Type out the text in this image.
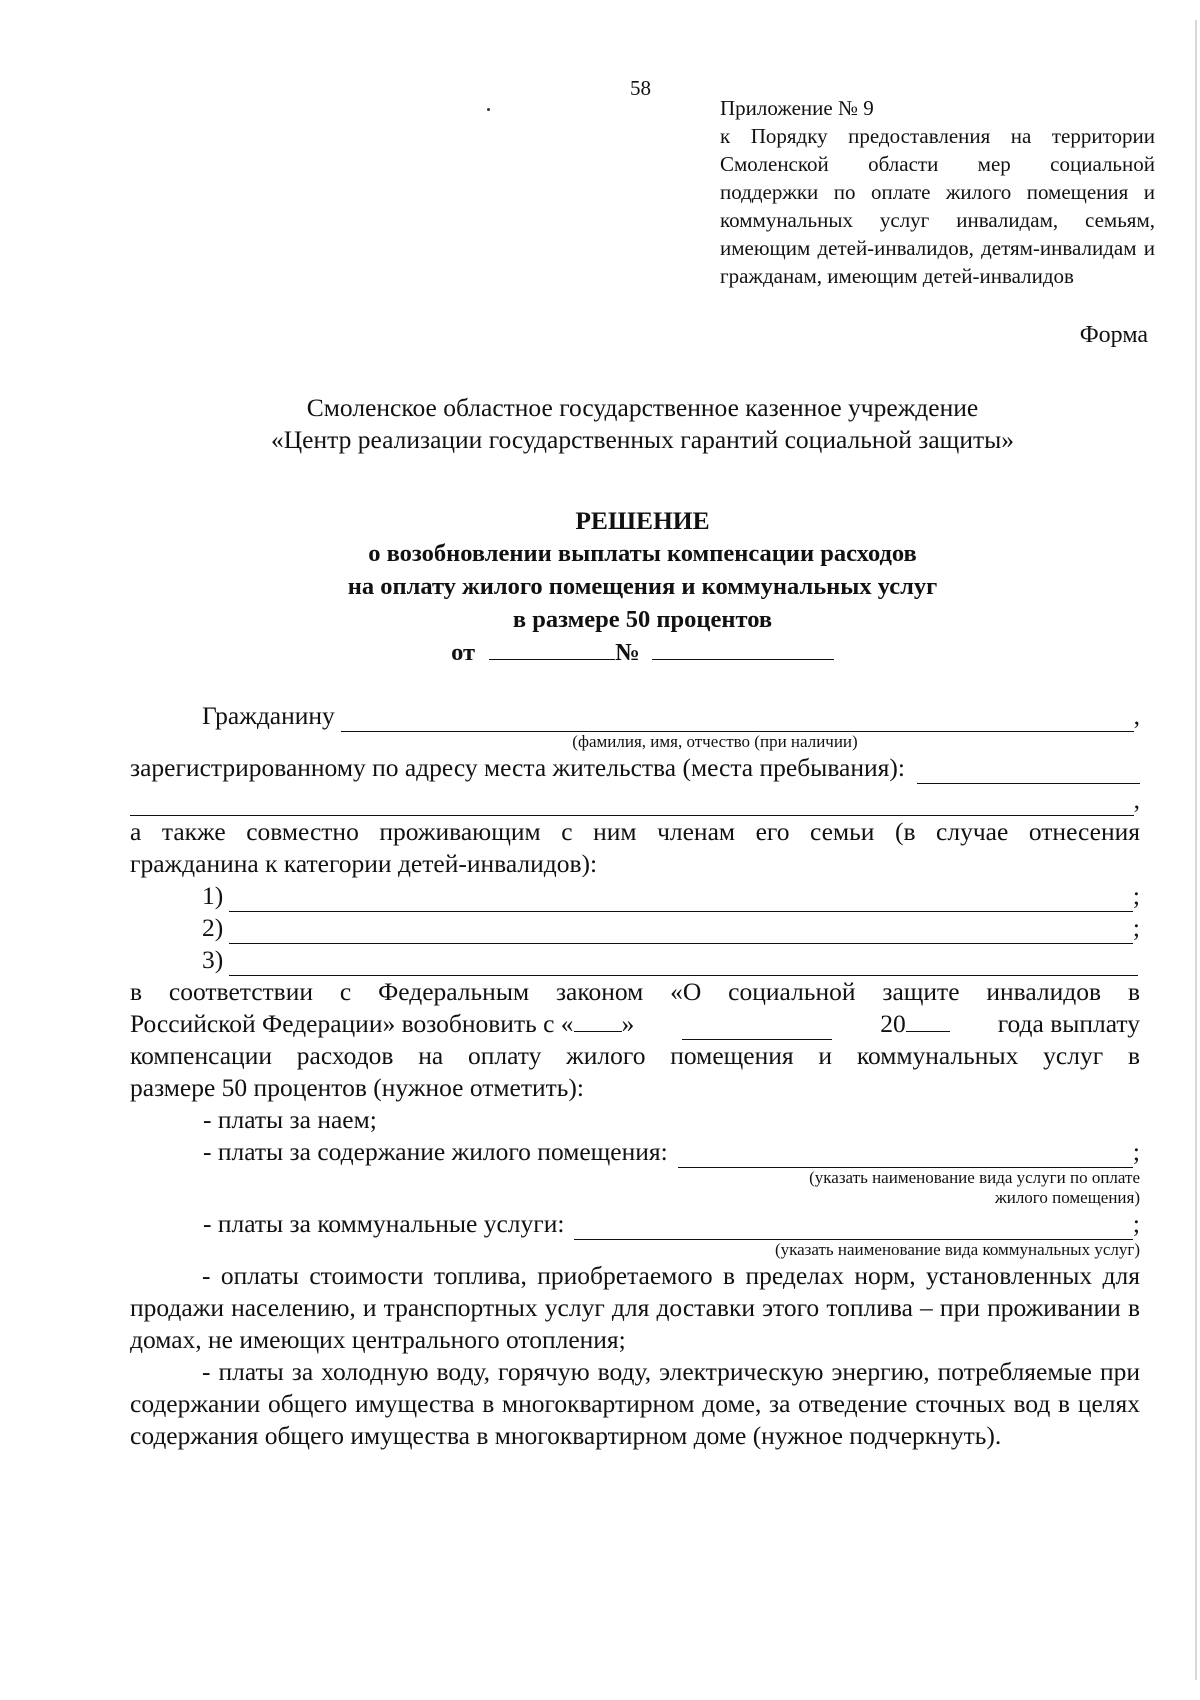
58
Приложение № 9
к Порядку предоставления на территории Смоленской области мер социальной поддержки по оплате жилого помещения и коммунальных услуг инвалидам, семьям, имеющим детей-инвалидов, детям-инвалидам и гражданам, имеющим детей-инвалидов
Форма
Смоленское областное государственное казенное учреждение
«Центр реализации государственных гарантий социальной защиты»
РЕШЕНИЕ
о возобновлении выплаты компенсации расходов
на оплату жилого помещения и коммунальных услуг
в размере 50 процентов
от	№
Гражданину	,
(фамилия, имя, отчество (при наличии)
зарегистрированному по адресу места жительства (места пребывания):
,
а также совместно проживающим с ним членам его семьи (в случае отнесения
гражданина к категории детей-инвалидов):
1)	;
2)	;
3)
в соответствии с Федеральным законом «О социальной защите инвалидов в
Российской Федерации» возобновить с « »	20	года выплату
компенсации расходов на оплату жилого помещения и коммунальных услуг в
размере 50 процентов (нужное отметить):
- платы за наем;
- платы за содержание жилого помещения:	;
(указать наименование вида услуги по оплате
жилого помещения)
- платы за коммунальные услуги:	;
(указать наименование вида коммунальных услуг)
- оплаты стоимости топлива, приобретаемого в пределах норм, установленных для продажи населению, и транспортных услуг для доставки этого топлива – при проживании в домах, не имеющих центрального отопления;
- платы за холодную воду, горячую воду, электрическую энергию, потребляемые при содержании общего имущества в многоквартирном доме, за отведение сточных вод в целях содержания общего имущества в многоквартирном доме (нужное подчеркнуть).
